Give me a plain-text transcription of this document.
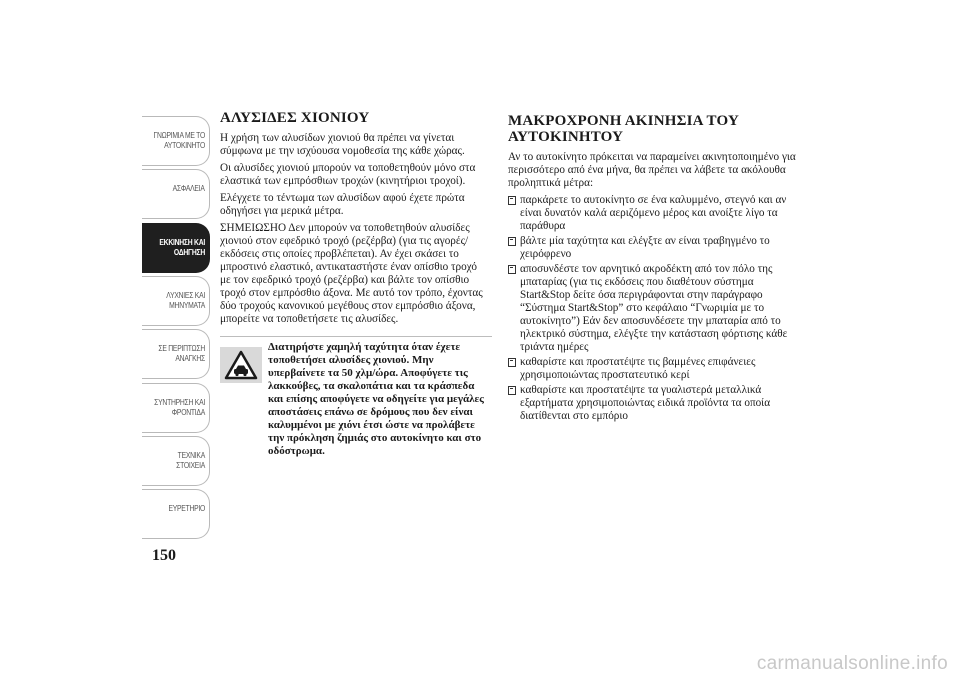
ΓΝΩΡΙΜΙΑ ΜΕ ΤΟ ΑΥΤΟΚΙΝΗΤΟ
ΑΣΦΑΛΕΙΑ
ΕΚΚΙΝΗΣΗ ΚΑΙ ΟΔΗΓΗΣΗ
ΛΥΧΝΙΕΣ ΚΑΙ ΜΗΝΥΜΑΤΑ
ΣΕ ΠΕΡΙΠΤΩΣΗ ΑΝΑΓΚΗΣ
ΣΥΝΤΗΡΗΣΗ ΚΑΙ ΦΡΟΝΤΙΔΑ
ΤΕΧΝΙΚΑ ΣΤΟΙΧΕΙΑ
ΕΥΡΕΤΗΡΙΟ
150
ΑΛΥΣΙΔΕΣ ΧΙΟΝΙΟΥ

Η χρήση των αλυσίδων χιονιού θα πρέπει να γίνεται σύμφωνα με την ισχύουσα νομοθεσία της κάθε χώρας.

Οι αλυσίδες χιονιού μπορούν να τοποθετηθούν μόνο στα ελαστικά των εμπρόσθιων τροχών (κινητήριοι τροχοί).

Ελέγχετε το τέντωμα των αλυσίδων αφού έχετε πρώτα οδηγήσει για μερικά μέτρα.

ΣΗΜΕΙΩΣΗΟ Δεν μπορούν να τοποθετηθούν αλυσίδες χιονιού στον εφεδρικό τροχό (ρεζέρβα) (για τις αγορές/εκδόσεις στις οποίες προβλέπεται). Αν έχει σκάσει το μπροστινό ελαστικό, αντικαταστήστε έναν οπίσθιο τροχό με τον εφεδρικό τροχό (ρεζέρβα) και βάλτε τον οπίσθιο τροχό στον εμπρόσθιο άξονα. Με αυτό τον τρόπο, έχοντας δύο τροχούς κανονικού μεγέθους στον εμπρόσθιο άξονα, μπορείτε να τοποθετήσετε τις αλυσίδες.

Διατηρήστε χαμηλή ταχύτητα όταν έχετε τοποθετήσει αλυσίδες χιονιού. Μην υπερβαίνετε τα 50 χλμ/ώρα. Αποφύγετε τις λακκούβες, τα σκαλοπάτια και τα κράσπεδα και επίσης αποφύγετε να οδηγείτε για μεγάλες αποστάσεις επάνω σε δρόμους που δεν είναι καλυμμένοι με χιόνι έτσι ώστε να προλάβετε την πρόκληση ζημιάς στο αυτοκίνητο και στο οδόστρωμα.

ΜΑΚΡΟΧΡΟΝΗ ΑΚΙΝΗΣΙΑ ΤΟΥ ΑΥΤΟΚΙΝΗΤΟΥ

Αν το αυτοκίνητο πρόκειται να παραμείνει ακινητοποιημένο για περισσότερο από ένα μήνα, θα πρέπει να λάβετε τα ακόλουθα προληπτικά μέτρα:

παρκάρετε το αυτοκίνητο σε ένα καλυμμένο, στεγνό και αν είναι δυνατόν καλά αεριζόμενο μέρος και ανοίξτε λίγο τα παράθυρα
βάλτε μία ταχύτητα και ελέγξτε αν είναι τραβηγμένο το χειρόφρενο
αποσυνδέστε τον αρνητικό ακροδέκτη από τον πόλο της μπαταρίας (για τις εκδόσεις που διαθέτουν σύστημα Start&Stop δείτε όσα περιγράφονται στην παράγραφο “Σύστημα Start&Stop” στο κεφάλαιο “Γνωριμία με το αυτοκίνητο”) Εάν δεν αποσυνδέσετε την μπαταρία από το ηλεκτρικό σύστημα, ελέγξτε την κατάσταση φόρτισης κάθε τριάντα ημέρες
καθαρίστε και προστατέψτε τις βαμμένες επιφάνειες χρησιμοποιώντας προστατευτικό κερί
καθαρίστε και προστατέψτε τα γυαλιστερά μεταλλικά εξαρτήματα χρησιμοποιώντας ειδικά προϊόντα τα οποία διατίθενται στο εμπόριο
carmanualsonline.info
